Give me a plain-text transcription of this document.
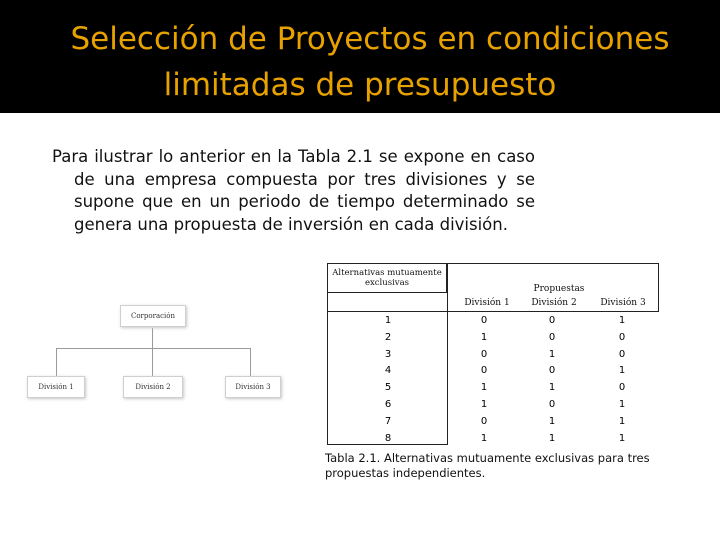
Selección de Proyectos en condiciones
limitadas de presupuesto
Para ilustrar lo anterior en la Tabla 2.1 se expone en caso de una empresa compuesta por tres divisiones y se supone que en un periodo de tiempo determinado se genera una propuesta de inversión en cada división.
Corporación
División 1	División 2	División 3
Alternativas mutuamente exclusivas
Propuestas
División 1	División 2	División 3
1	0	0	1
2	1	0	0
3	0	1	0
4	0	0	1
5	1	1	0
6	1	0	1
7	0	1	1
8	1	1	1
Tabla 2.1. Alternativas mutuamente exclusivas para tres propuestas independientes.
